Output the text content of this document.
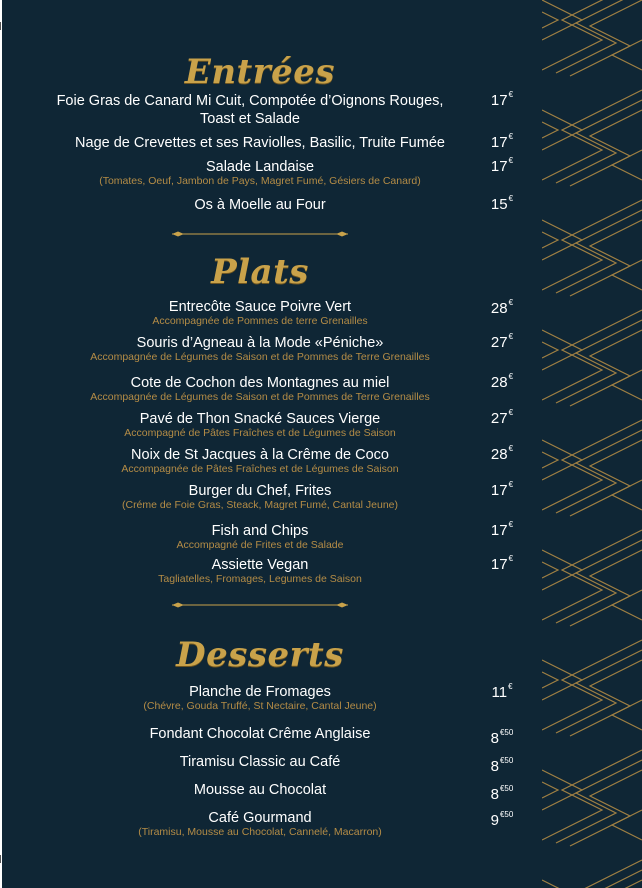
Entrées
Foie Gras de Canard Mi Cuit, Compotée d’Oignons Rouges, Toast et Salade
17€
Nage de Crevettes et ses Raviolles, Basilic, Truite Fumée	17€
Salade Landaise
(Tomates, Oeuf, Jambon de Pays, Magret Fumé, Gésiers de Canard)
17€
Os à Moelle au Four	15€
Plats
Entrecôte Sauce Poivre Vert
Accompagnée de Pommes de terre Grenailles
28€
Souris d’Agneau à la Mode «Péniche»
Accompagnée de Légumes de Saison et de Pommes de Terre Grenailles
27€
Cote de Cochon des Montagnes au miel
Accompagnée de Légumes de Saison et de Pommes de Terre Grenailles
28€
Pavé de Thon Snacké Sauces Vierge
Accompagné de Pâtes Fraîches et de Légumes de Saison
27€
Noix de St Jacques à la Crême de Coco
Accompagnée de Pâtes Fraîches et de Légumes de Saison
28€
Burger du Chef, Frites
(Créme de Foie Gras, Steack, Magret Fumé, Cantal Jeune)
17€
Fish and Chips
Accompagné de Frites et de Salade
17€
Assiette Vegan
Tagliatelles, Fromages, Legumes de Saison
17€
Desserts
Planche de Fromages
(Chévre, Gouda Truffé, St Nectaire, Cantal Jeune)
11€
Fondant Chocolat Crême Anglaise	$8^{€50}$
Tiramisu Classic au Café	$8^{€50}$
Mousse au Chocolat	$8^{€50}$
Café Gourmand
(Tiramisu, Mousse au Chocolat, Cannelé, Macarron)
$9^{€50}$
